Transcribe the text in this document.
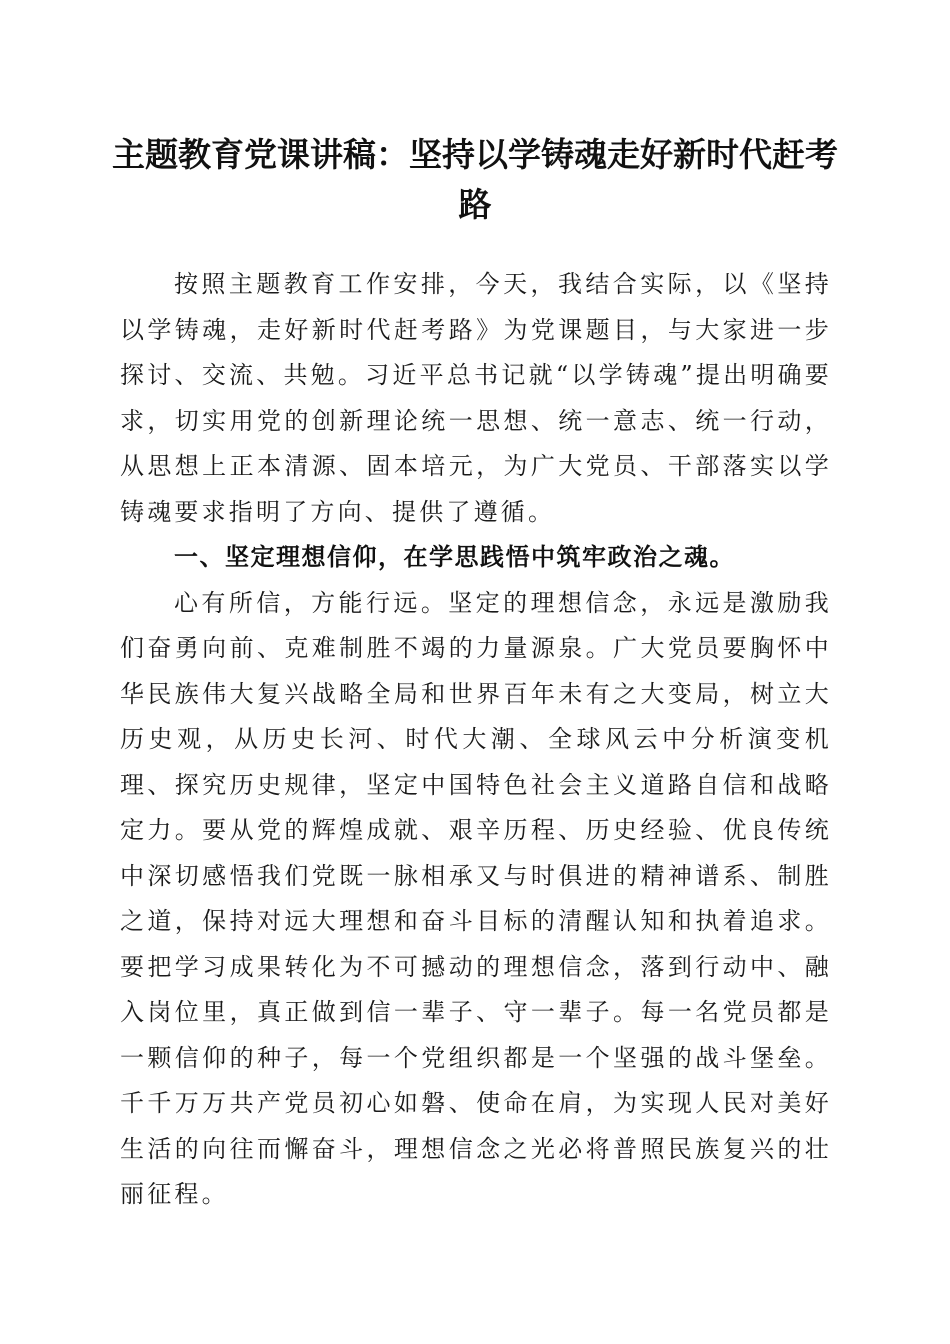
主题教育党课讲稿：坚持以学铸魂走好新时代赶考路

按照主题教育工作安排，今天，我结合实际，以《坚持以学铸魂，走好新时代赶考路》为党课题目，与大家进一步探讨、交流、共勉。习近平总书记就“以学铸魂”提出明确要求，切实用党的创新理论统一思想、统一意志、统一行动，从思想上正本清源、固本培元，为广大党员、干部落实以学铸魂要求指明了方向、提供了遵循。

一、坚定理想信仰，在学思践悟中筑牢政治之魂。

心有所信，方能行远。坚定的理想信念，永远是激励我们奋勇向前、克难制胜不竭的力量源泉。广大党员要胸怀中华民族伟大复兴战略全局和世界百年未有之大变局，树立大历史观，从历史长河、时代大潮、全球风云中分析演变机理、探究历史规律，坚定中国特色社会主义道路自信和战略定力。要从党的辉煌成就、艰辛历程、历史经验、优良传统中深切感悟我们党既一脉相承又与时俱进的精神谱系、制胜之道，保持对远大理想和奋斗目标的清醒认知和执着追求。要把学习成果转化为不可撼动的理想信念，落到行动中、融入岗位里，真正做到信一辈子、守一辈子。每一名党员都是一颗信仰的种子，每一个党组织都是一个坚强的战斗堡垒。千千万万共产党员初心如磐、使命在肩，为实现人民对美好生活的向往而懈奋斗，理想信念之光必将普照民族复兴的壮丽征程。
